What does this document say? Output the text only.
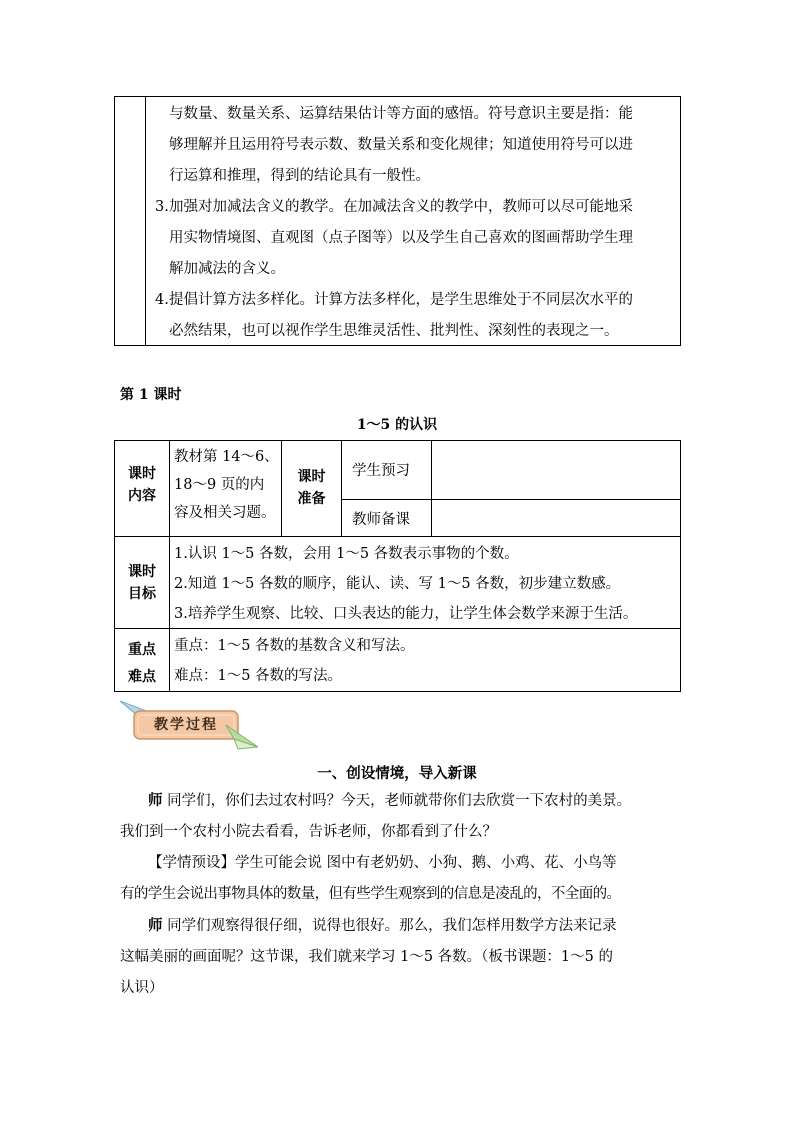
与数量、数量关系、运算结果估计等方面的感悟。符号意识主要是指：能
够理解并且运用符号表示数、数量关系和变化规律；知道使用符号可以进
行运算和推理，得到的结论具有一般性。
3.加强对加减法含义的教学。在加减法含义的教学中，教师可以尽可能地采
用实物情境图、直观图（点子图等）以及学生自己喜欢的图画帮助学生理
解加减法的含义。
4.提倡计算方法多样化。计算方法多样化，是学生思维处于不同层次水平的
必然结果，也可以视作学生思维灵活性、批判性、深刻性的表现之一。
第 1 课时
1～5 的认识
课时
内容
教材第 14～6、
18～9 页的内
容及相关习题。
课时
准备
学生预习
教师备课
课时
目标
1.认识 1～5 各数，会用 1～5 各数表示事物的个数。
2.知道 1～5 各数的顺序，能认、读、写 1～5 各数，初步建立数感。
3.培养学生观察、比较、口头表达的能力，让学生体会数学来源于生活。
重点
难点
重点：1～5 各数的基数含义和写法。
难点：1～5 各数的写法。
教学过程
一、创设情境，导入新课
师 同学们，你们去过农村吗？今天，老师就带你们去欣赏一下农村的美景。
我们到一个农村小院去看看，告诉老师，你都看到了什么？
【学情预设】学生可能会说 图中有老奶奶、小狗、鹅、小鸡、花、小鸟等
有的学生会说出事物具体的数量，但有些学生观察到的信息是凌乱的，不全面的。
师 同学们观察得很仔细，说得也很好。那么，我们怎样用数学方法来记录
这幅美丽的画面呢？这节课，我们就来学习 1～5 各数。（板书课题：1～5 的
认识）
